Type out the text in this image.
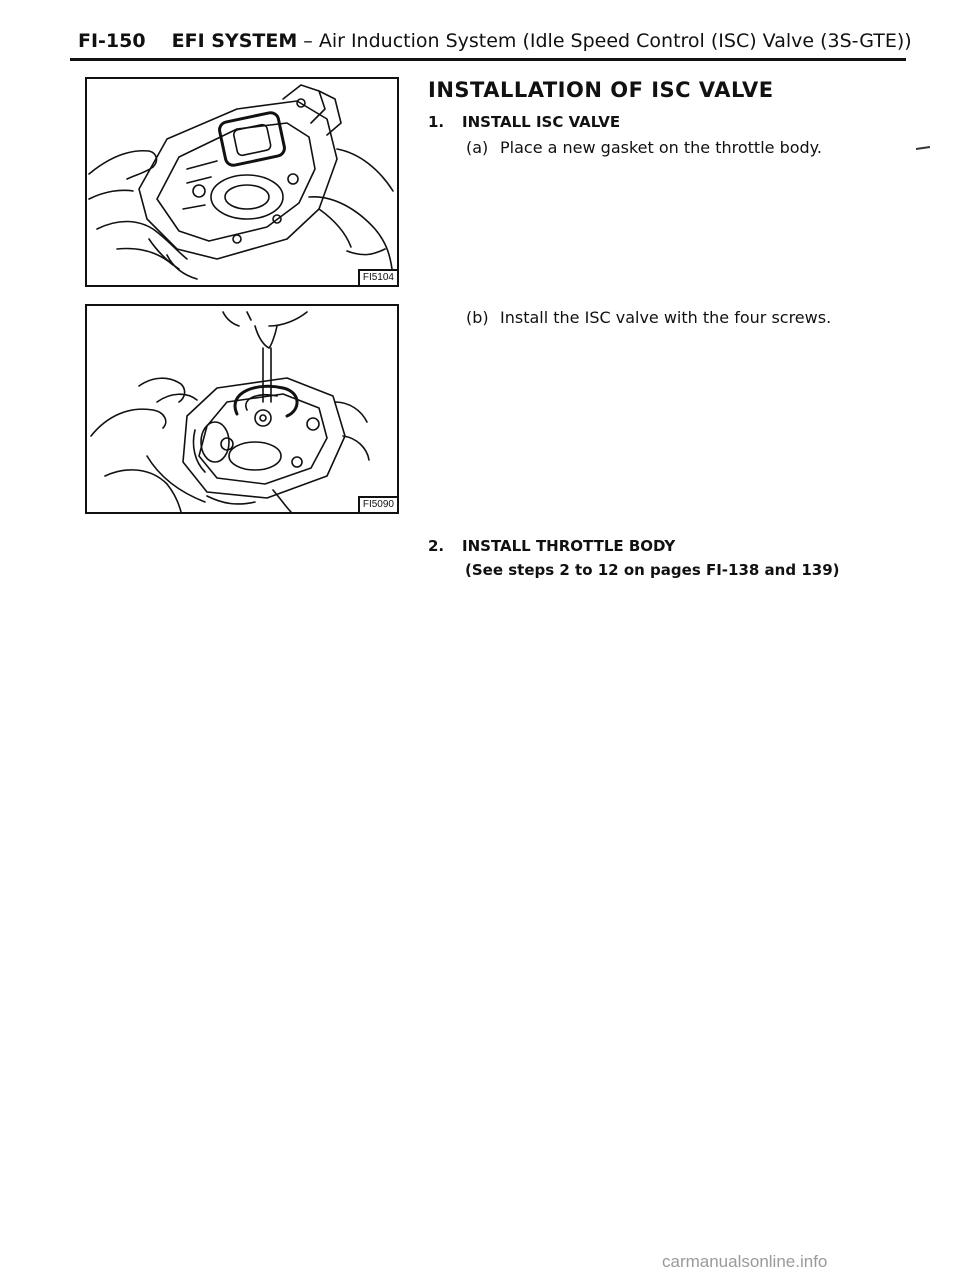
FI-150 EFI SYSTEM – Air Induction System (Idle Speed Control (ISC) Valve (3S-GTE))
FI5104
FI5090
INSTALLATION OF ISC VALVE
1. INSTALL ISC VALVE
(a) Place a new gasket on the throttle body.
(b) Install the ISC valve with the four screws.
2. INSTALL THROTTLE BODY
(See steps 2 to 12 on pages FI-138 and 139)
carmanualsonline.info
